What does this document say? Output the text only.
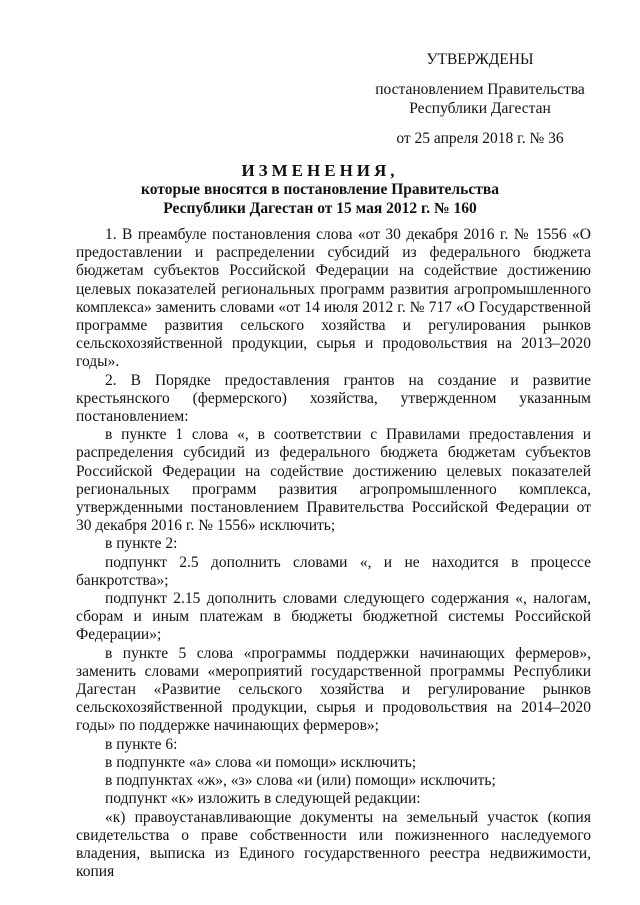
УТВЕРЖДЕНЫ
постановлением Правительства
Республики Дагестан
от 25 апреля 2018 г. № 36
ИЗМЕНЕНИЯ,
которые вносятся в постановление Правительства
Республики Дагестан от 15 мая 2012 г. № 160

1. В преамбуле постановления слова «от 30 декабря 2016 г. № 1556 «О предоставлении и распределении субсидий из федерального бюджета бюджетам субъектов Российской Федерации на содействие достижению целевых показателей региональных программ развития агропромышленного комплекса» заменить словами «от 14 июля 2012 г. № 717 «О Государственной программе развития сельского хозяйства и регулирования рынков сельскохозяйственной продукции, сырья и продовольствия на 2013–2020 годы».

2. В Порядке предоставления грантов на создание и развитие крестьянского (фермерского) хозяйства, утвержденном указанным постановлением:

в пункте 1 слова «, в соответствии с Правилами предоставления и распределения субсидий из федерального бюджета бюджетам субъектов Российской Федерации на содействие достижению целевых показателей региональных программ развития агропромышленного комплекса, утвержденными постановлением Правительства Российской Федерации от 30 декабря 2016 г. № 1556» исключить;

в пункте 2:

подпункт 2.5 дополнить словами «, и не находится в процессе банкротства»;

подпункт 2.15 дополнить словами следующего содержания «, налогам, сборам и иным платежам в бюджеты бюджетной системы Российской Федерации»;

в пункте 5 слова «программы поддержки начинающих фермеров», заменить словами «мероприятий государственной программы Республики Дагестан «Развитие сельского хозяйства и регулирование рынков сельскохозяйственной продукции, сырья и продовольствия на 2014–2020 годы» по поддержке начинающих фермеров»;

в пункте 6:

в подпункте «а» слова «и помощи» исключить;

в подпунктах «ж», «з» слова «и (или) помощи» исключить;

подпункт «к» изложить в следующей редакции:

«к) правоустанавливающие документы на земельный участок (копия свидетельства о праве собственности или пожизненного наследуемого владения, выписка из Единого государственного реестра недвижимости, копия
